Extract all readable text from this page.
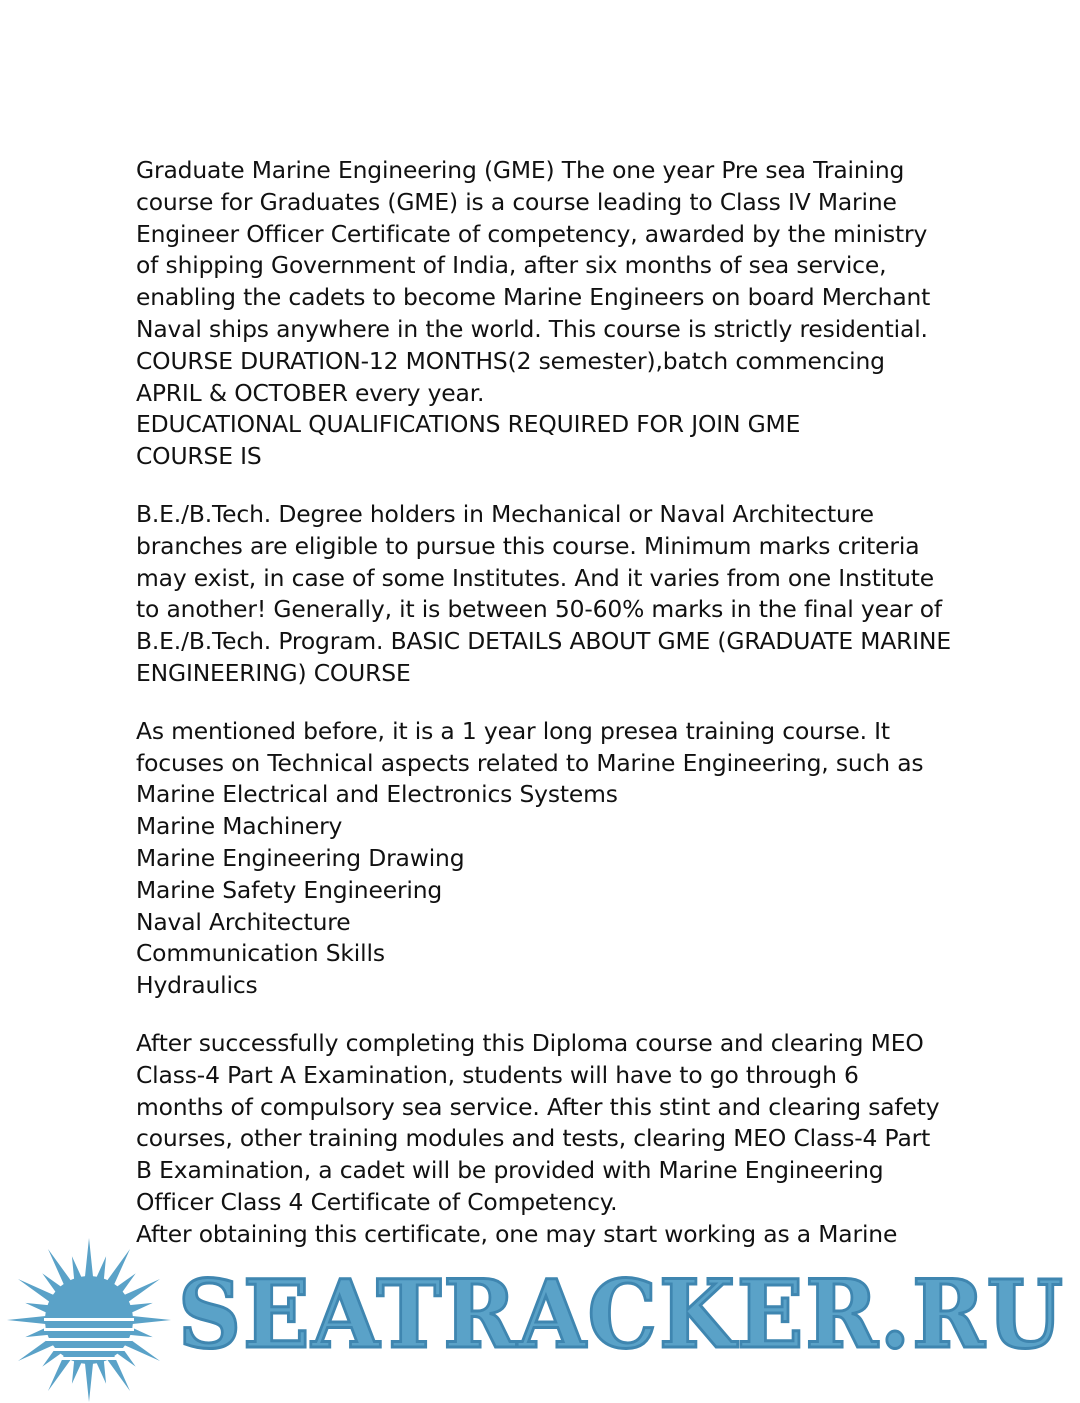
Graduate Marine Engineering (GME) The one year Pre sea Training course for Graduates (GME) is a course leading to Class IV Marine Engineer Officer Certificate of competency, awarded by the ministry of shipping Government of India, after six months of sea service, enabling the cadets to become Marine Engineers on board Merchant Naval ships anywhere in the world. This course is strictly residential.

COURSE DURATION-12 MONTHS(2 semester),batch commencing

APRIL & OCTOBER every year.

EDUCATIONAL QUALIFICATIONS REQUIRED FOR JOIN GME COURSE IS

B.E./B.Tech. Degree holders in Mechanical or Naval Architecture branches are eligible to pursue this course. Minimum marks criteria may exist, in case of some Institutes. And it varies from one Institute to another! Generally, it is between 50-60% marks in the final year of B.E./B.Tech. Program. BASIC DETAILS ABOUT GME (GRADUATE MARINE ENGINEERING) COURSE

As mentioned before, it is a 1 year long presea training course. It focuses on Technical aspects related to Marine Engineering, such as

Marine Electrical and Electronics Systems

Marine Machinery

Marine Engineering Drawing

Marine Safety Engineering

Naval Architecture

Communication Skills

Hydraulics

After successfully completing this Diploma course and clearing MEO Class-4 Part A Examination, students will have to go through 6 months of compulsory sea service. After this stint and clearing safety courses, other training modules and tests, clearing MEO Class-4 Part B Examination, a cadet will be provided with Marine Engineering Officer Class 4 Certificate of Competency.

After obtaining this certificate, one may start working as a Marine

SEATRACKER.RU
